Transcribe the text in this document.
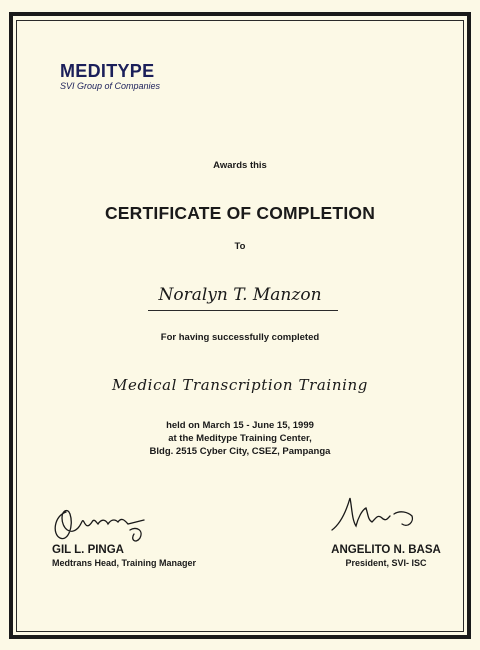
MEDITYPE
SVI Group of Companies
Awards this
CERTIFICATE OF COMPLETION
To
Noralyn T. Manzon
For having successfully completed
Medical Transcription Training
held on March 15 - June 15, 1999
at the Meditype Training Center,
Bldg. 2515 Cyber City, CSEZ, Pampanga
GIL L. PINGA
Medtrans Head, Training Manager
ANGELITO N. BASA
President, SVI- ISC
